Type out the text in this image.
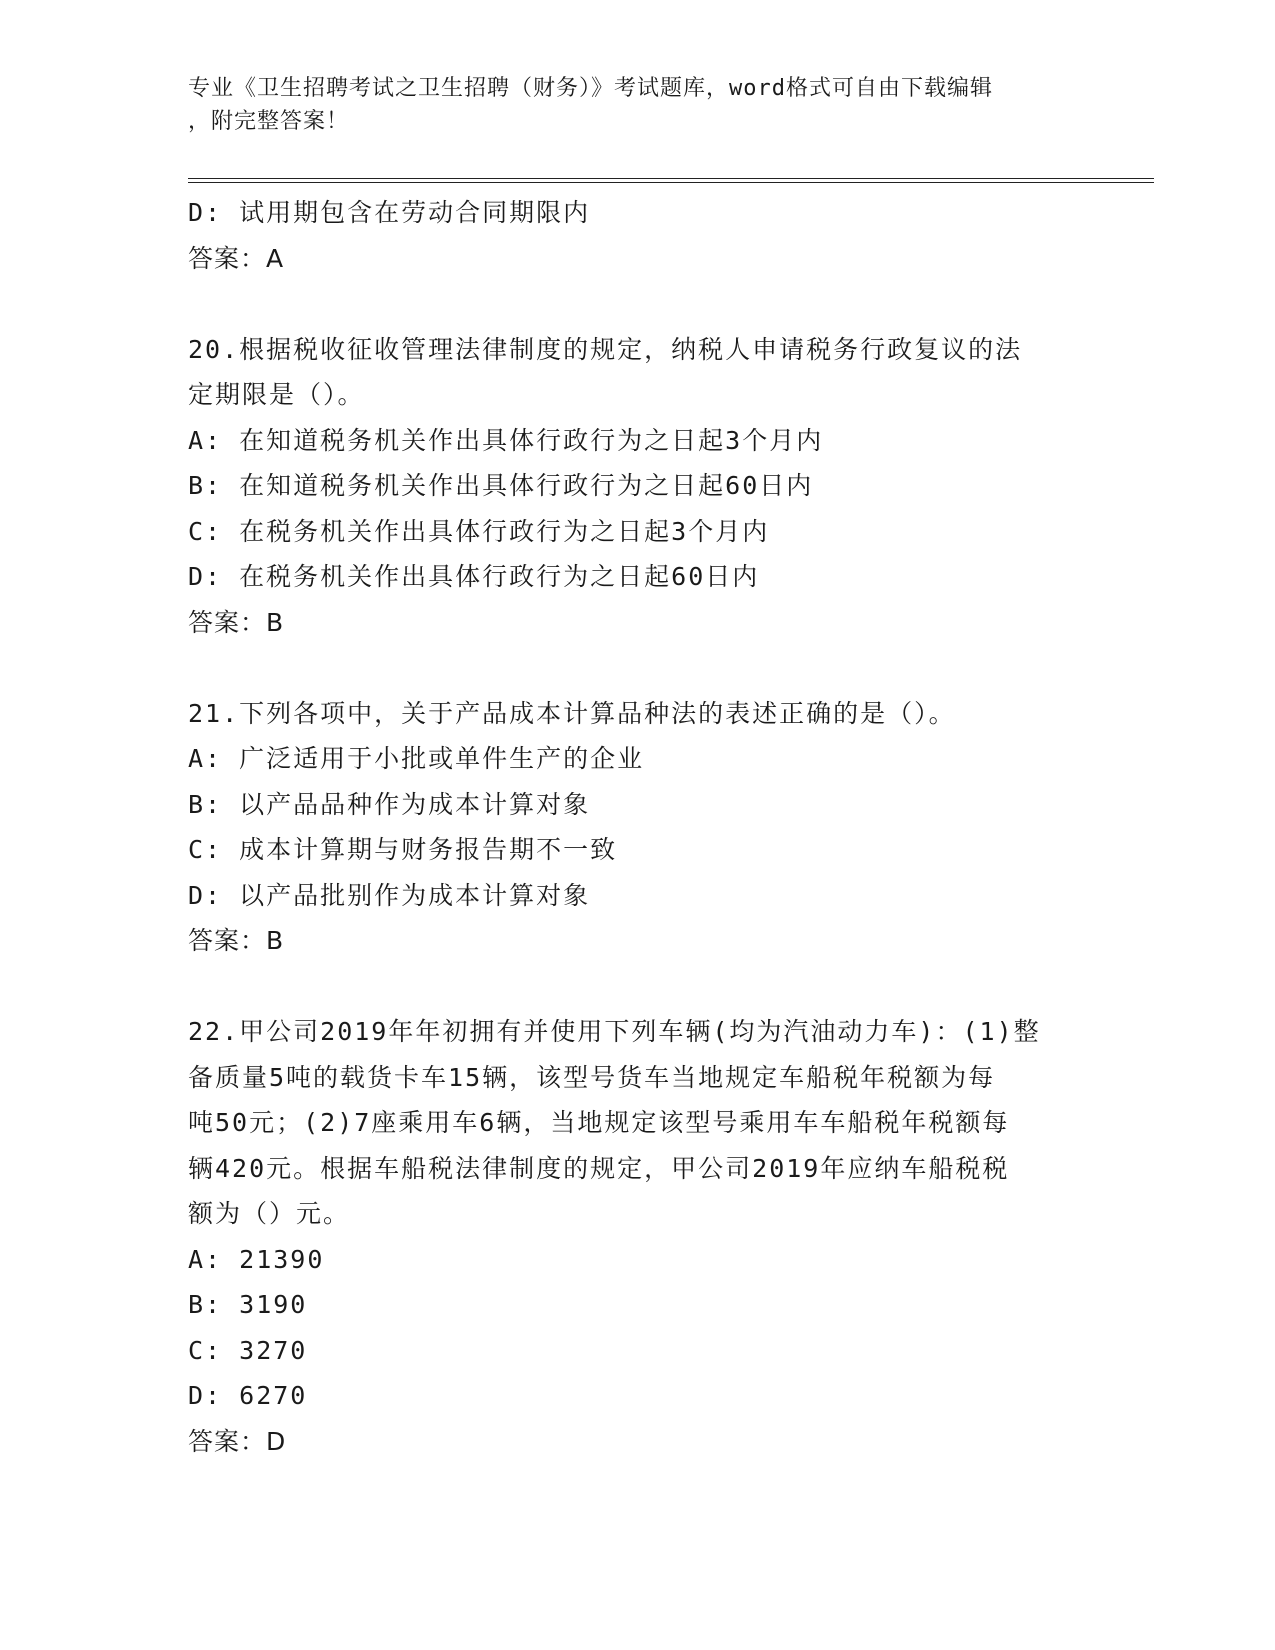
专业《卫生招聘考试之卫生招聘（财务）》考试题库，word格式可自由下载编辑
，附完整答案！
D: 试用期包含在劳动合同期限内
答案：A
20.根据税收征收管理法律制度的规定，纳税人申请税务行政复议的法
定期限是（）。
A: 在知道税务机关作出具体行政行为之日起3个月内
B: 在知道税务机关作出具体行政行为之日起60日内
C: 在税务机关作出具体行政行为之日起3个月内
D: 在税务机关作出具体行政行为之日起60日内
答案：B
21.下列各项中，关于产品成本计算品种法的表述正确的是（）。
A: 广泛适用于小批或单件生产的企业
B: 以产品品种作为成本计算对象
C: 成本计算期与财务报告期不一致
D: 以产品批别作为成本计算对象
答案：B
22.甲公司2019年年初拥有并使用下列车辆(均为汽油动力车)：(1)整
备质量5吨的载货卡车15辆，该型号货车当地规定车船税年税额为每
吨50元；(2)7座乘用车6辆，当地规定该型号乘用车车船税年税额每
辆420元。根据车船税法律制度的规定，甲公司2019年应纳车船税税
额为（）元。
A: 21390
B: 3190
C: 3270
D: 6270
答案：D
